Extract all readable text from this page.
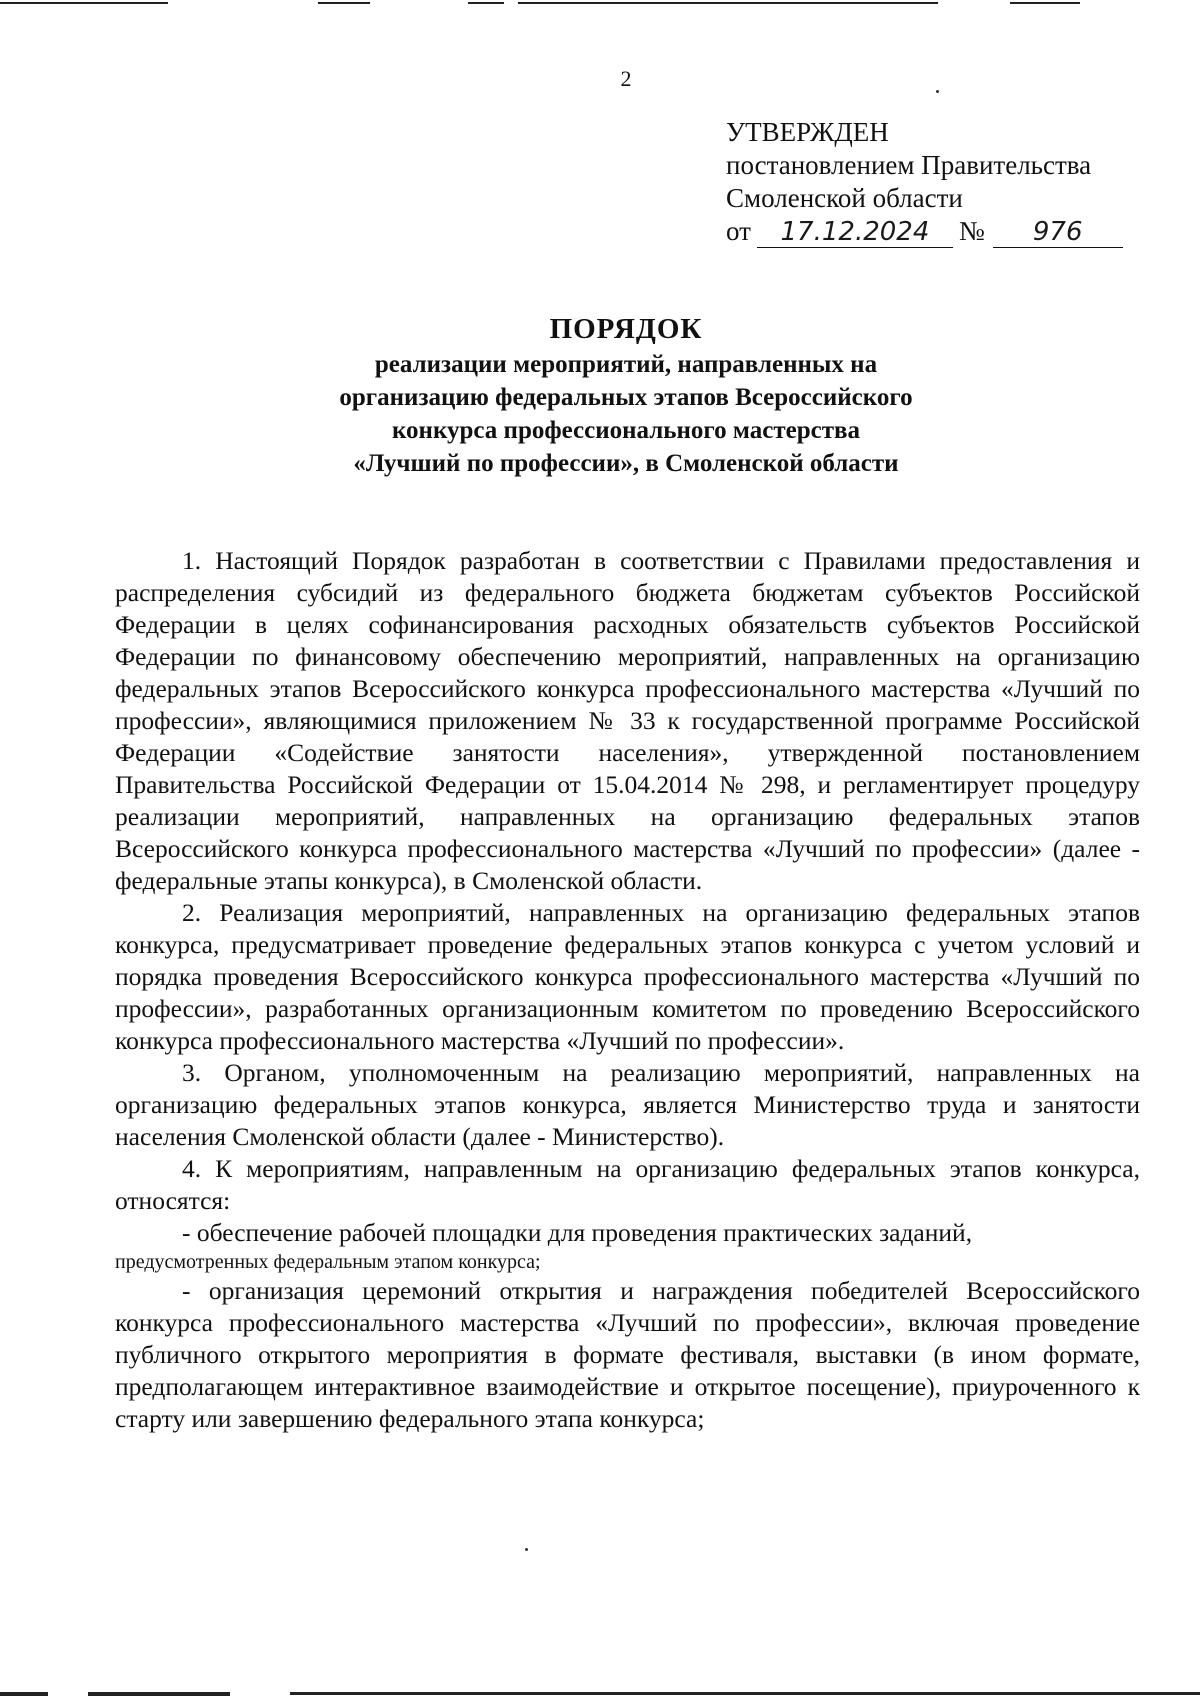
2
УТВЕРЖДЕН
постановлением Правительства
Смоленской области
от	17.12.2024	№	976
ПОРЯДОК
реализации мероприятий, направленных на
организацию федеральных этапов Всероссийского
конкурса профессионального мастерства
«Лучший по профессии», в Смоленской области

1. Настоящий Порядок разработан в соответствии с Правилами предоставления и распределения субсидий из федерального бюджета бюджетам субъектов Российской Федерации в целях софинансирования расходных обязательств субъектов Российской Федерации по финансовому обеспечению мероприятий, направленных на организацию федеральных этапов Всероссийского конкурса профессионального мастерства «Лучший по профессии», являющимися приложением № 33 к государственной программе Российской Федерации «Содействие занятости населения», утвержденной постановлением Правительства Российской Федерации от 15.04.2014 № 298, и регламентирует процедуру реализации мероприятий, направленных на организацию федеральных этапов Всероссийского конкурса профессионального мастерства «Лучший по профессии» (далее - федеральные этапы конкурса), в Смоленской области.

2. Реализация мероприятий, направленных на организацию федеральных этапов конкурса, предусматривает проведение федеральных этапов конкурса с учетом условий и порядка проведения Всероссийского конкурса профессионального мастерства «Лучший по профессии», разработанных организационным комитетом по проведению Всероссийского конкурса профессионального мастерства «Лучший по профессии».

3. Органом, уполномоченным на реализацию мероприятий, направленных на организацию федеральных этапов конкурса, является Министерство труда и занятости населения Смоленской области (далее - Министерство).

4. К мероприятиям, направленным на организацию федеральных этапов конкурса, относятся:

- обеспечение рабочей площадки для проведения практических заданий,

предусмотренных федеральным этапом конкурса;

- организация церемоний открытия и награждения победителей Всероссийского конкурса профессионального мастерства «Лучший по профессии», включая проведение публичного открытого мероприятия в формате фестиваля, выставки (в ином формате, предполагающем интерактивное взаимодействие и открытое посещение), приуроченного к старту или завершению федерального этапа конкурса;
